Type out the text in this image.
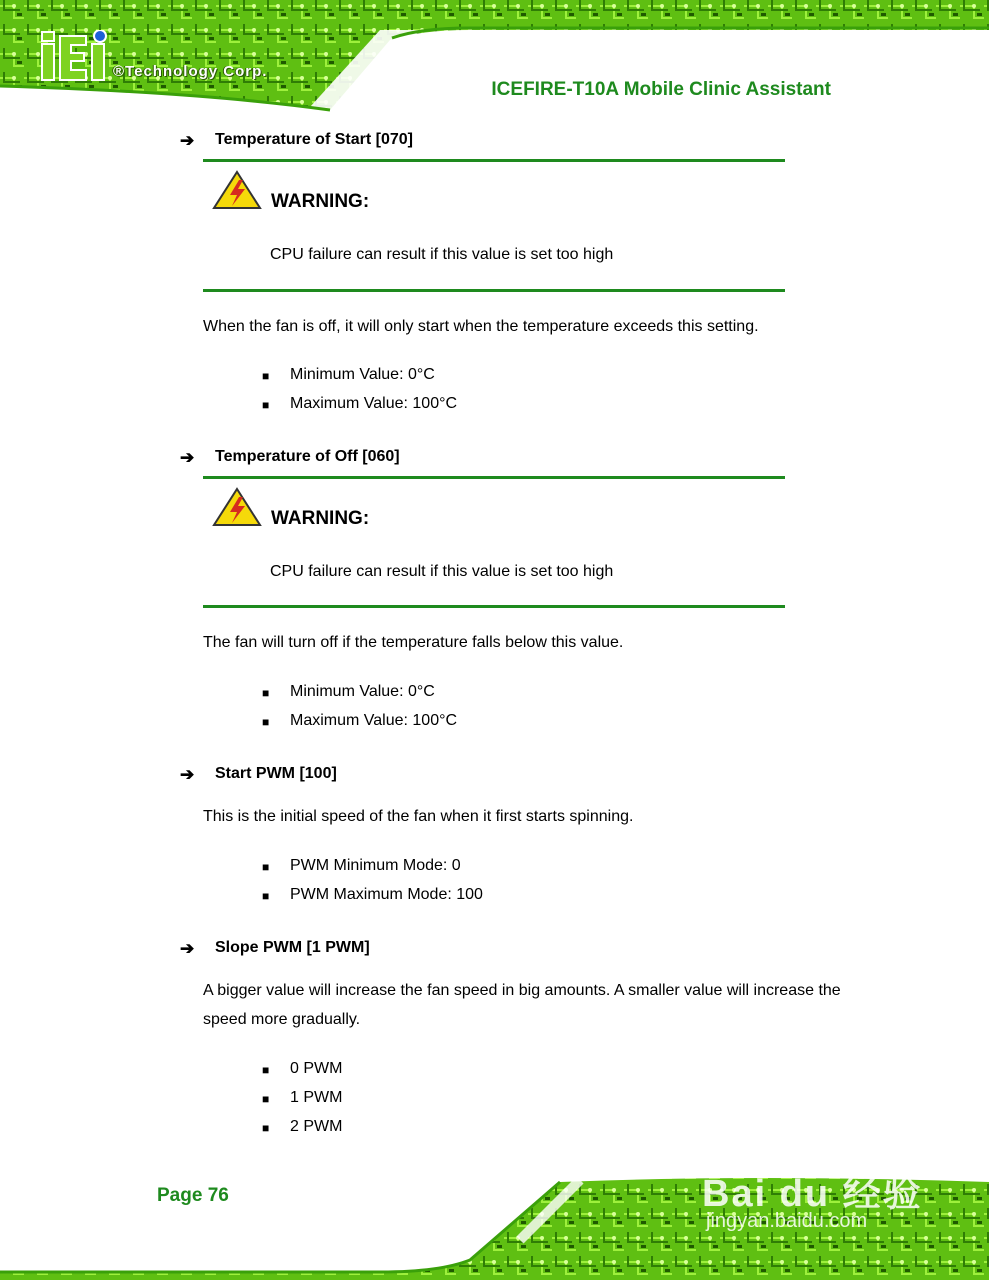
®Technology Corp.
ICEFIRE-T10A Mobile Clinic Assistant
➔ Temperature of Start [070]
WARNING:
CPU failure can result if this value is set too high
When the fan is off, it will only start when the temperature exceeds this setting.
■ Minimum Value: 0°C
■ Maximum Value: 100°C
➔ Temperature of Off [060]
WARNING:
CPU failure can result if this value is set too high
The fan will turn off if the temperature falls below this value.
■ Minimum Value: 0°C
■ Maximum Value: 100°C
➔ Start PWM [100]
This is the initial speed of the fan when it first starts spinning.
■ PWM Minimum Mode: 0
■ PWM Maximum Mode: 100
➔ Slope PWM [1 PWM]
A bigger value will increase the fan speed in big amounts. A smaller value will increase the speed more gradually.
■ 0 PWM
■ 1 PWM
■ 2 PWM
Page 76	Bai du 经验
jingyan.baidu.com
